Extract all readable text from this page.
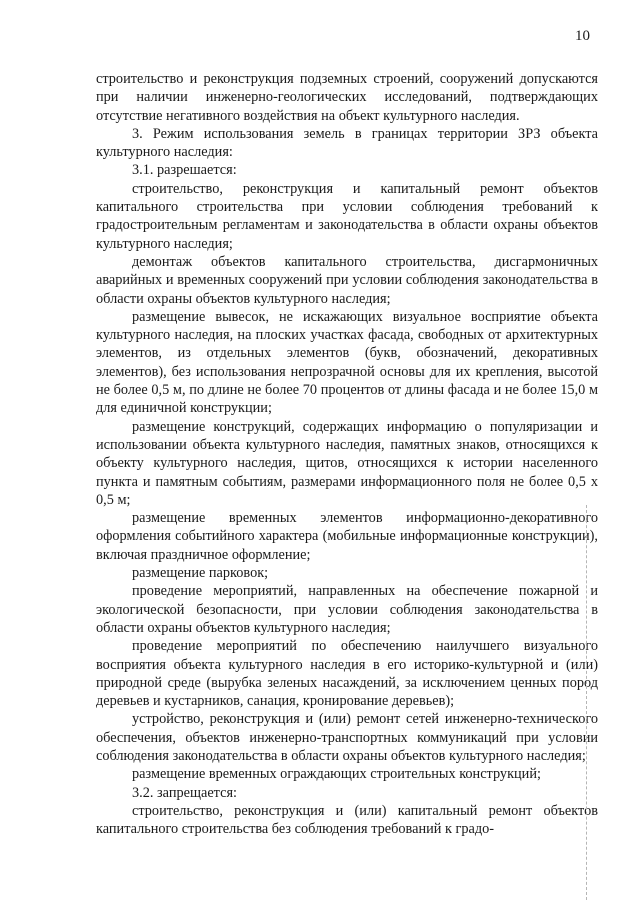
10

строительство и реконструкция подземных строений, сооружений допускаются при наличии инженерно-геологических исследований, подтверждающих отсутствие негативного воздействия на объект культурного наследия.

3. Режим использования земель в границах территории ЗРЗ объекта культурного наследия:

3.1. разрешается:

строительство, реконструкция и капитальный ремонт объектов капитального строительства при условии соблюдения требований к градостроительным регламентам и законодательства в области охраны объектов культурного наследия;

демонтаж объектов капитального строительства, дисгармоничных аварийных и временных сооружений при условии соблюдения законодательства в области охраны объектов культурного наследия;

размещение вывесок, не искажающих визуальное восприятие объекта культурного наследия, на плоских участках фасада, свободных от архитектурных элементов, из отдельных элементов (букв, обозначений, декоративных элементов), без использования непрозрачной основы для их крепления, высотой не более 0,5 м, по длине не более 70 процентов от длины фасада и не более 15,0 м для единичной конструкции;

размещение конструкций, содержащих информацию о популяризации и использовании объекта культурного наследия, памятных знаков, относящихся к объекту культурного наследия, щитов, относящихся к истории населенного пункта и памятным событиям, размерами информационного поля не более 0,5 х 0,5 м;

размещение временных элементов информационно-декоративного оформления событийного характера (мобильные информационные конструкции), включая праздничное оформление;

размещение парковок;

проведение мероприятий, направленных на обеспечение пожарной и экологической безопасности, при условии соблюдения законодательства в области охраны объектов культурного наследия;

проведение мероприятий по обеспечению наилучшего визуального восприятия объекта культурного наследия в его историко-культурной и (или) природной среде (вырубка зеленых насаждений, за исключением ценных пород деревьев и кустарников, санация, кронирование деревьев);

устройство, реконструкция и (или) ремонт сетей инженерно-технического обеспечения, объектов инженерно-транспортных коммуникаций при условии соблюдения законодательства в области охраны объектов культурного наследия;

размещение временных ограждающих строительных конструкций;

3.2. запрещается:

строительство, реконструкция и (или) капитальный ремонт объектов капитального строительства без соблюдения требований к градо-
